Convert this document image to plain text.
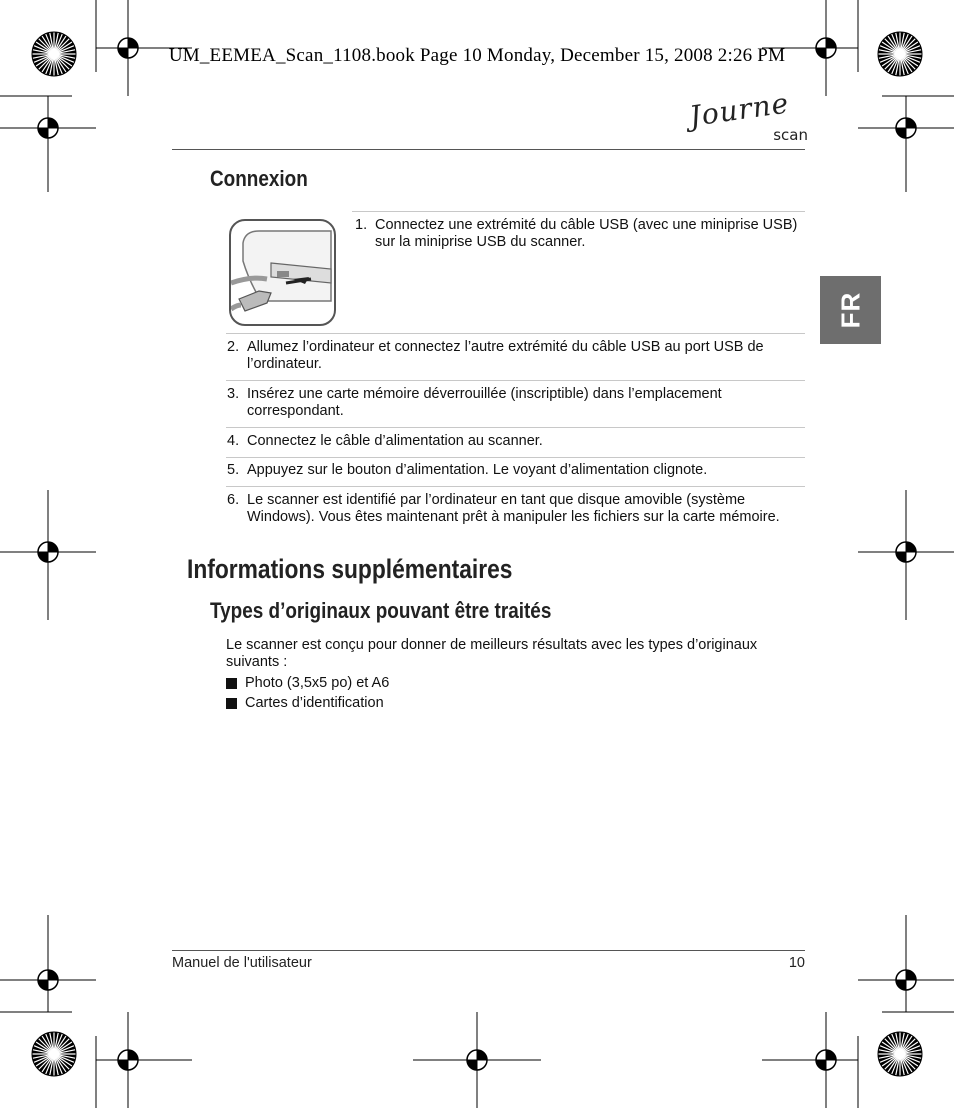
UM_EEMEA_Scan_1108.book Page 10 Monday, December 15, 2008 2:26 PM
Journe
scan
FR
Connexion
1. Connectez une extrémité du câble USB (avec une miniprise USB) sur la miniprise USB du scanner.
2. Allumez l’ordinateur et connectez l’autre extrémité du câble USB au port USB de l’ordinateur.
3. Insérez une carte mémoire déverrouillée (inscriptible) dans l’emplacement correspondant.
4. Connectez le câble d’alimentation au scanner.
5. Appuyez sur le bouton d’alimentation. Le voyant d’alimentation clignote.
6. Le scanner est identifié par l’ordinateur en tant que disque amovible (système Windows). Vous êtes maintenant prêt à manipuler les fichiers sur la carte mémoire.
Informations supplémentaires
Types d’originaux pouvant être traités
Le scanner est conçu pour donner de meilleurs résultats avec les types d’originaux suivants :
Photo (3,5x5 po) et A6
Cartes d’identification
Manuel de l'utilisateur	10
